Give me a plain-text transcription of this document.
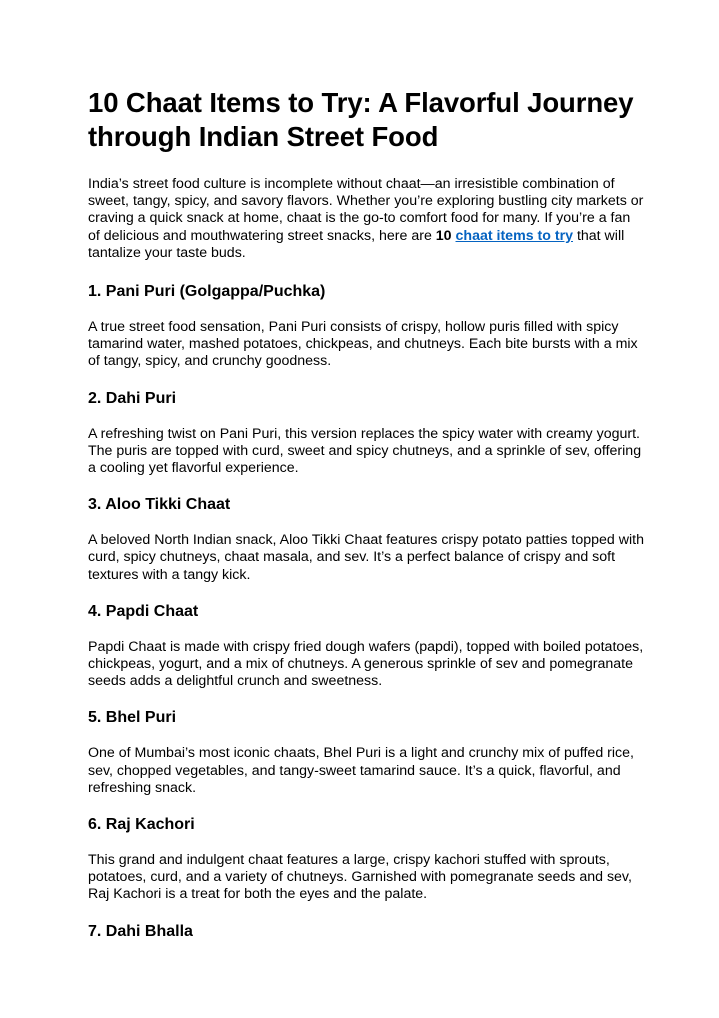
10 Chaat Items to Try: A Flavorful Journey through Indian Street Food

India’s street food culture is incomplete without chaat—an irresistible combination of sweet, tangy, spicy, and savory flavors. Whether you’re exploring bustling city markets or craving a quick snack at home, chaat is the go-to comfort food for many. If you’re a fan of delicious and mouthwatering street snacks, here are 10 chaat items to try that will tantalize your taste buds.

1. Pani Puri (Golgappa/Puchka)

A true street food sensation, Pani Puri consists of crispy, hollow puris filled with spicy tamarind water, mashed potatoes, chickpeas, and chutneys. Each bite bursts with a mix of tangy, spicy, and crunchy goodness.

2. Dahi Puri

A refreshing twist on Pani Puri, this version replaces the spicy water with creamy yogurt. The puris are topped with curd, sweet and spicy chutneys, and a sprinkle of sev, offering a cooling yet flavorful experience.

3. Aloo Tikki Chaat

A beloved North Indian snack, Aloo Tikki Chaat features crispy potato patties topped with curd, spicy chutneys, chaat masala, and sev. It’s a perfect balance of crispy and soft textures with a tangy kick.

4. Papdi Chaat

Papdi Chaat is made with crispy fried dough wafers (papdi), topped with boiled potatoes, chickpeas, yogurt, and a mix of chutneys. A generous sprinkle of sev and pomegranate seeds adds a delightful crunch and sweetness.

5. Bhel Puri

One of Mumbai’s most iconic chaats, Bhel Puri is a light and crunchy mix of puffed rice, sev, chopped vegetables, and tangy-sweet tamarind sauce. It’s a quick, flavorful, and refreshing snack.

6. Raj Kachori

This grand and indulgent chaat features a large, crispy kachori stuffed with sprouts, potatoes, curd, and a variety of chutneys. Garnished with pomegranate seeds and sev, Raj Kachori is a treat for both the eyes and the palate.

7. Dahi Bhalla
